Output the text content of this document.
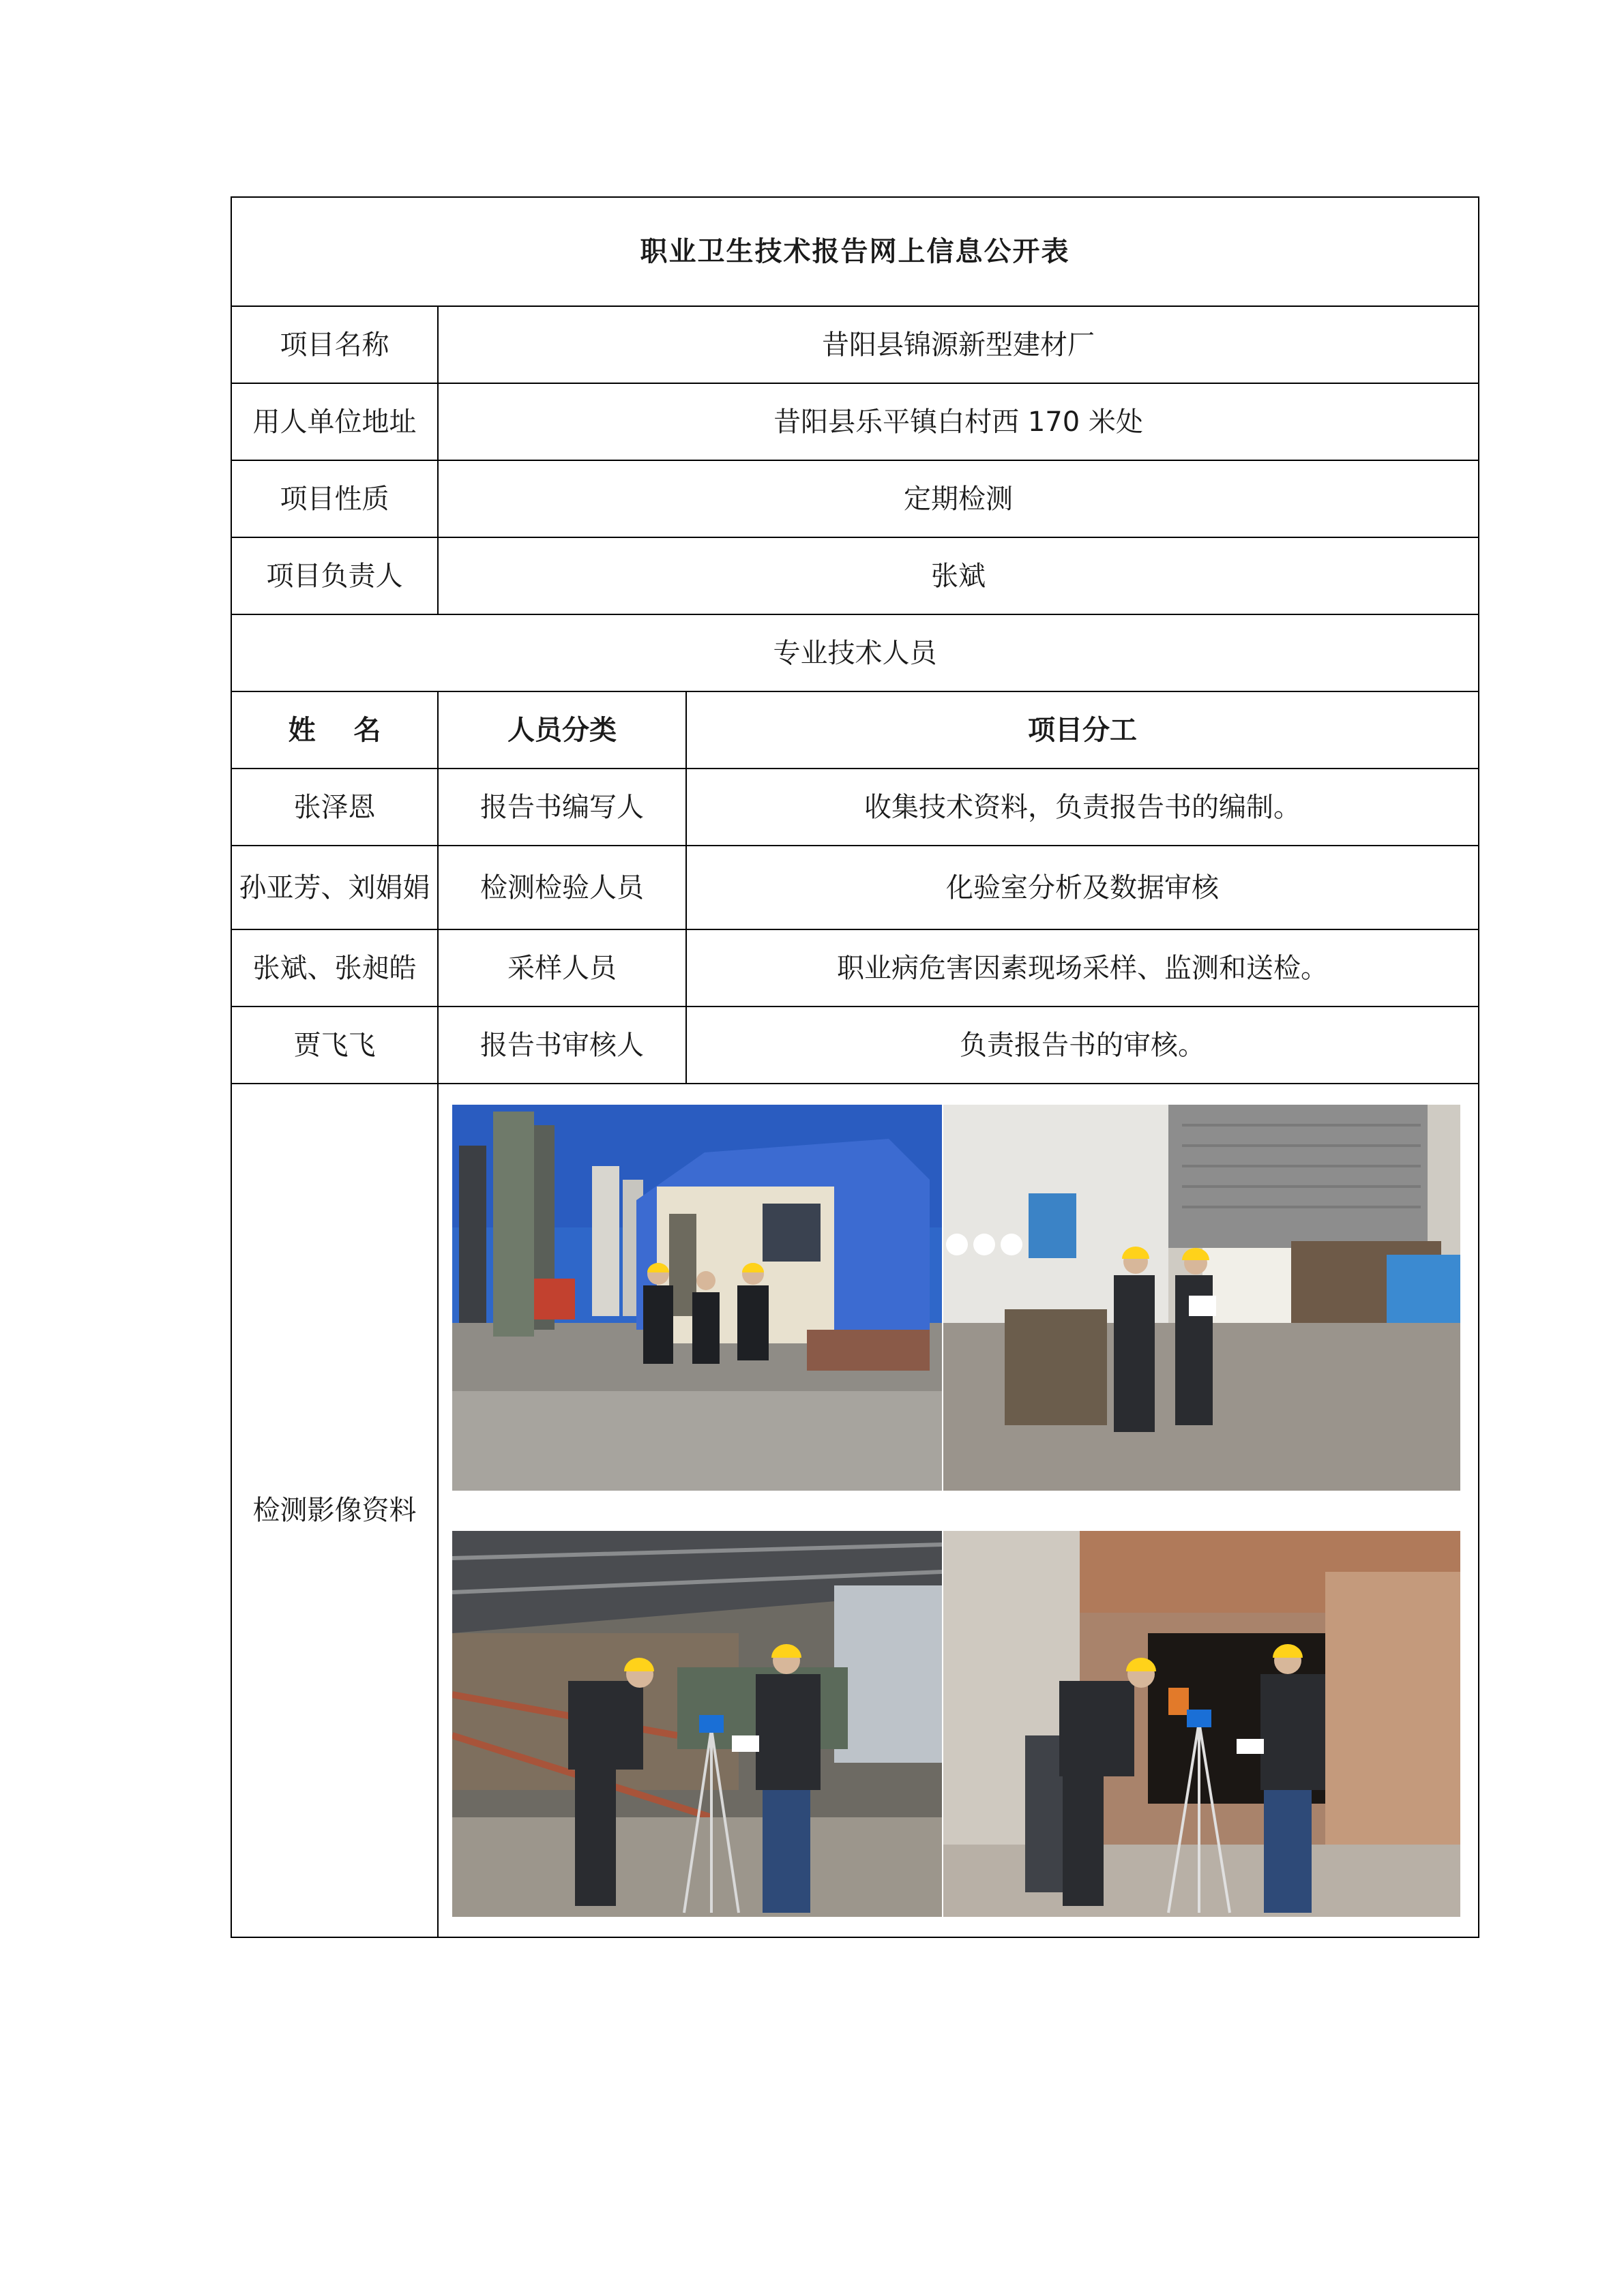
职业卫生技术报告网上信息公开表		
项目名称	昔阳县锦源新型建材厂	
用人单位地址	昔阳县乐平镇白村西 170 米处	
项目性质	定期检测	
项目负责人	张斌	
专业技术人员		
姓    名	人员分类	项目分工
张泽恩	报告书编写人	收集技术资料，负责报告书的编制。
孙亚芳、刘娟娟	检测检验人员	化验室分析及数据审核
张斌、张昶皓	采样人员	职业病危害因素现场采样、监测和送检。
贾飞飞	报告书审核人	负责报告书的审核。
检测影像资料	
